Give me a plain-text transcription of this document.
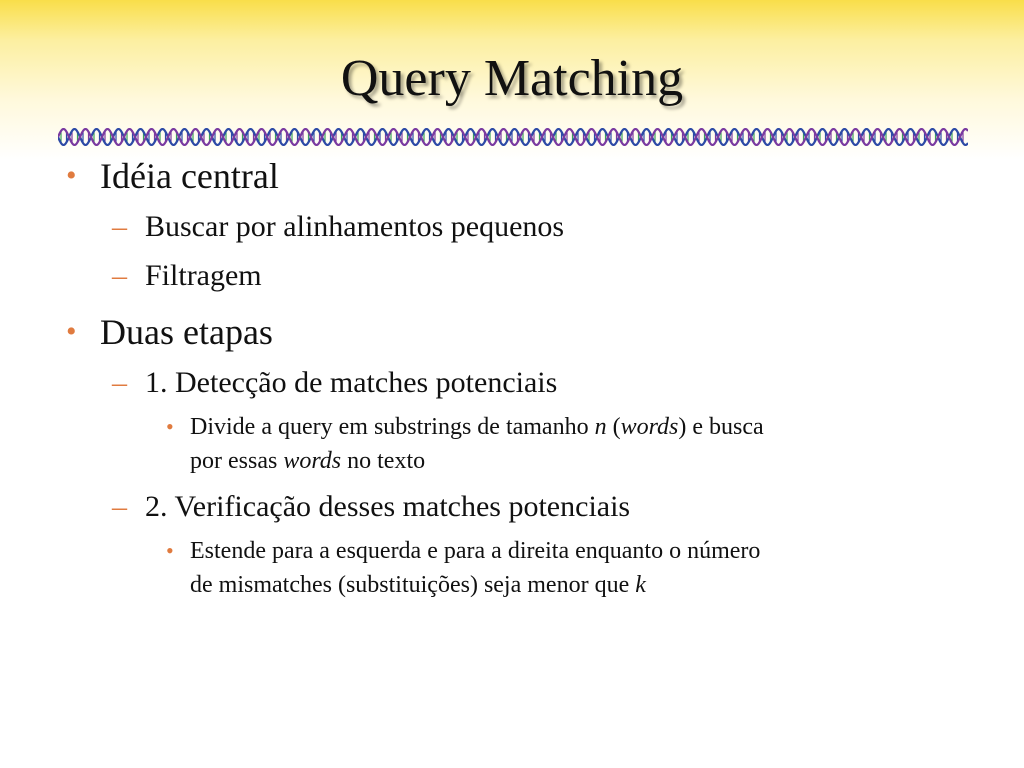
Query Matching
• Idéia central
– Buscar por alinhamentos pequenos
– Filtragem
• Duas etapas
– 1. Detecção de matches potenciais
• Divide a query em substrings de tamanho n (words) e busca
por essas words no texto
– 2. Verificação desses matches potenciais
• Estende para a esquerda e para a direita enquanto o número
de mismatches (substituições) seja menor que k
